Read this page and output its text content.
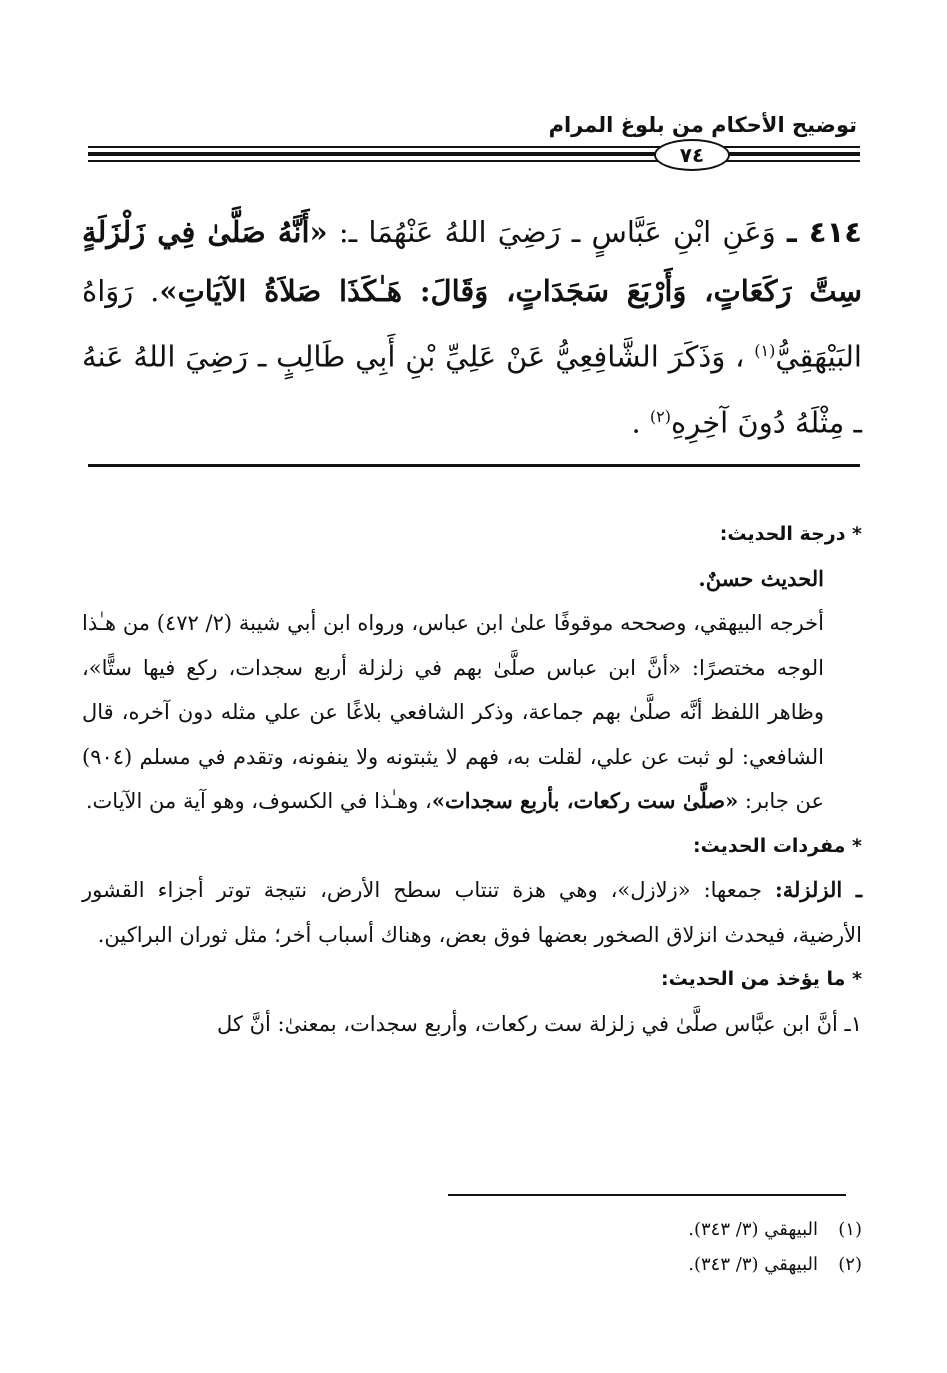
توضيح الأحكام من بلوغ المرام
٧٤
٤١٤ ـ وَعَنِ ابْنِ عَبَّاسٍ ـ رَضِيَ اللهُ عَنْهُمَا ـ: «أَنَّهُ صَلَّىٰ فِي زَلْزَلَةٍ سِتَّ رَكَعَاتٍ، وَأَرْبَعَ سَجَدَاتٍ، وَقَالَ: هَـٰكَذَا صَلاَةُ الآيَاتِ». رَوَاهُ البَيْهَقِيُّ$^{(١)}$ ، وَذَكَرَ الشَّافِعِيُّ عَنْ عَلِيِّ بْنِ أَبِي طَالِبٍ ـ رَضِيَ اللهُ عَنهُ ـ مِثْلَهُ دُونَ آخِرِهِ$^{(٢)}$ .

* درجة الحديث:

الحديث حسنٌ.

أخرجه البيهقي، وصححه موقوفًا علىٰ ابن عباس، ورواه ابن أبي شيبة (٢/ ٤٧٢) من هـٰذا الوجه مختصرًا: «أنَّ ابن عباس صلَّىٰ بهم في زلزلة أربع سجدات، ركع فيها ستًّا»، وظاهر اللفظ أنَّه صلَّىٰ بهم جماعة، وذكر الشافعي بلاغًا عن علي مثله دون آخره، قال الشافعي: لو ثبت عن علي، لقلت به، فهم لا يثبتونه ولا ينفونه، وتقدم في مسلم (٩٠٤) عن جابر: «صلَّىٰ ست ركعات، بأربع سجدات»، وهـٰذا في الكسوف، وهو آية من الآيات.

* مفردات الحديث:

ـ الزلزلة: جمعها: «زلازل»، وهي هزة تنتاب سطح الأرض، نتيجة توتر أجزاء القشور الأرضية، فيحدث انزلاق الصخور بعضها فوق بعض، وهناك أسباب أخر؛ مثل ثوران البراكين.

* ما يؤخذ من الحديث:

١ـ أنَّ ابن عبَّاس صلَّىٰ في زلزلة ست ركعات، وأربع سجدات، بمعنىٰ: أنَّ كل

(١)البيهقي (٣/ ٣٤٣).

(٢)البيهقي (٣/ ٣٤٣).
